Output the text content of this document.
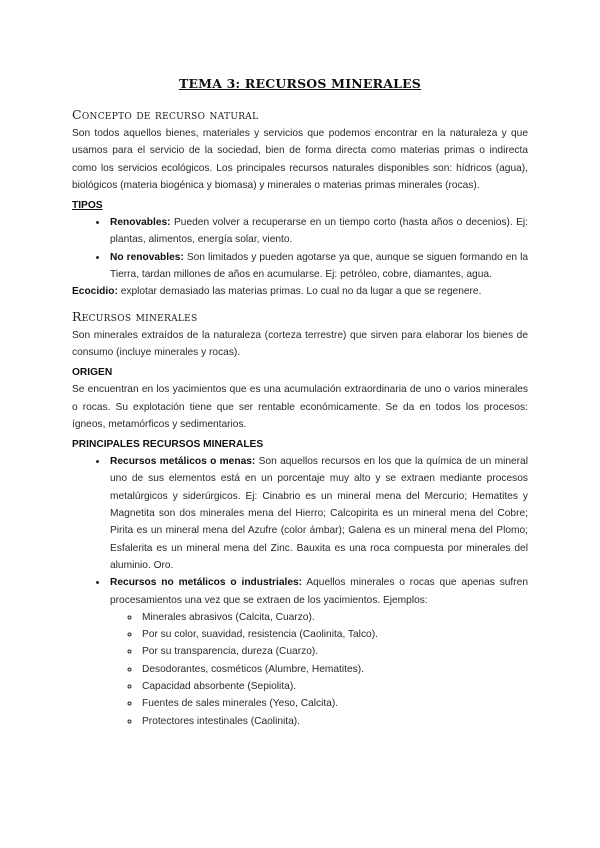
TEMA 3: RECURSOS MINERALES
Concepto de recurso natural

Son todos aquellos bienes, materiales y servicios que podemos encontrar en la naturaleza y que usamos para el servicio de la sociedad, bien de forma directa como materias primas o indirecta como los servicios ecológicos. Los principales recursos naturales disponibles son: hídricos (agua), biológicos (materia biogénica y biomasa) y minerales o materias primas minerales (rocas).

TIPOS
• Renovables: Pueden volver a recuperarse en un tiempo corto (hasta años o decenios). Ej: plantas, alimentos, energía solar, viento.
• No renovables: Son limitados y pueden agotarse ya que, aunque se siguen formando en la Tierra, tardan millones de años en acumularse. Ej: petróleo, cobre, diamantes, agua.

Ecocidio: explotar demasiado las materias primas. Lo cual no da lugar a que se regenere.

Recursos minerales

Son minerales extraídos de la naturaleza (corteza terrestre) que sirven para elaborar los bienes de consumo (incluye minerales y rocas).

ORIGEN

Se encuentran en los yacimientos que es una acumulación extraordinaria de uno o varios minerales o rocas. Su explotación tiene que ser rentable económicamente. Se da en todos los procesos: ígneos, metamórficos y sedimentarios.

PRINCIPALES RECURSOS MINERALES
• Recursos metálicos o menas: Son aquellos recursos en los que la química de un mineral uno de sus elementos está en un porcentaje muy alto y se extraen mediante procesos metalúrgicos y siderúrgicos. Ej: Cinabrio es un mineral mena del Mercurio; Hematites y Magnetita son dos minerales mena del Hierro; Calcopirita es un mineral mena del Cobre; Pirita es un mineral mena del Azufre (color ámbar); Galena es un mineral mena del Plomo; Esfalerita es un mineral mena del Zinc. Bauxita es una roca compuesta por minerales del aluminio. Oro.
• Recursos no metálicos o industriales: Aquellos minerales o rocas que apenas sufren procesamientos una vez que se extraen de los yacimientos. Ejemplos:
◦ Minerales abrasivos (Calcita, Cuarzo).
◦ Por su color, suavidad, resistencia (Caolinita, Talco).
◦ Por su transparencia, dureza (Cuarzo).
◦ Desodorantes, cosméticos (Alumbre, Hematites).
◦ Capacidad absorbente (Sepiolita).
◦ Fuentes de sales minerales (Yeso, Calcita).
◦ Protectores intestinales (Caolinita).
